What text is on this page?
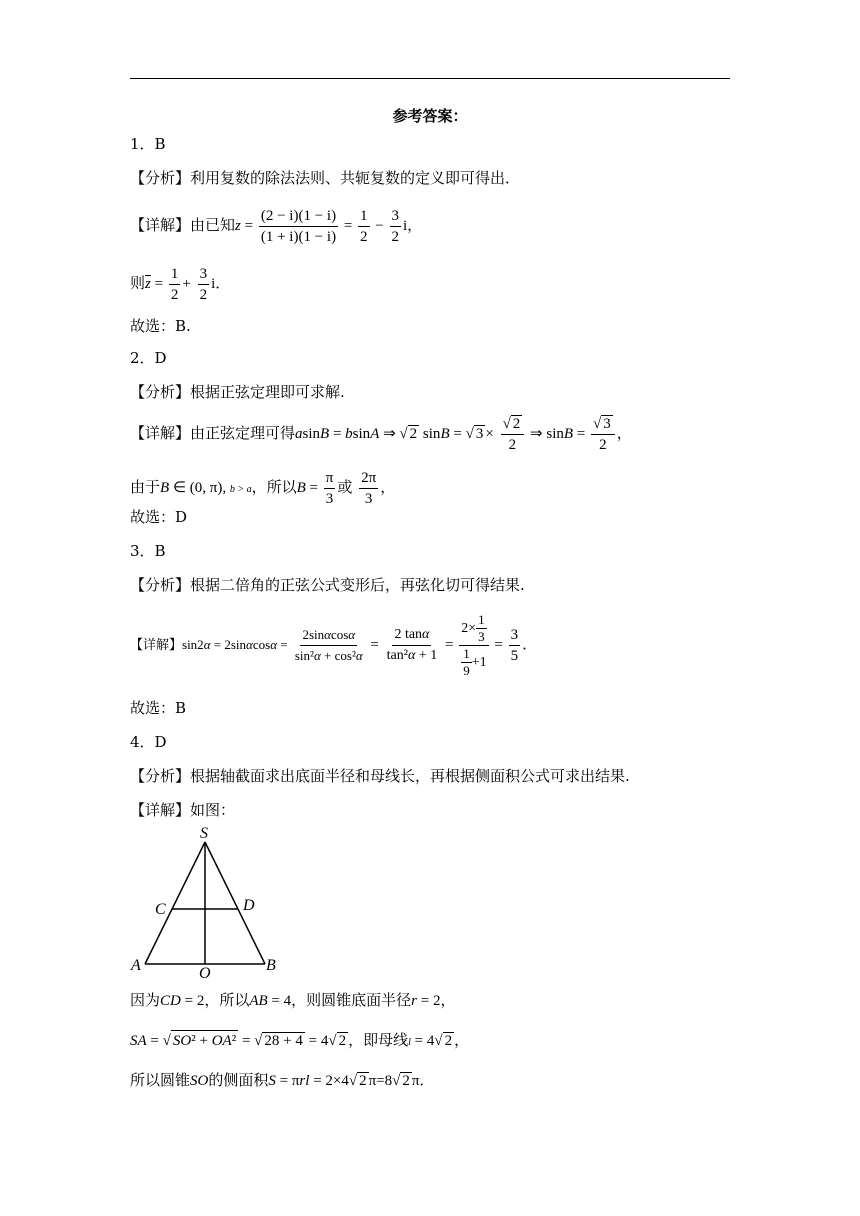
参考答案：
1．B
【分析】利用复数的除法法则、共轭复数的定义即可得出．
【详解】由已知$z = \frac{(2 - i)(1 - i)}{(1 + i)(1 - i)} = \frac{1}{2} - \frac{3}{2}$ i，
则$\overline{z} = \frac{1}{2} + \frac{3}{2}$ i．
故选：B.
2．D
【分析】根据正弦定理即可求解.
【详解】由正弦定理可得asinB = bsinA ⇒ √ 2 sinB = √ $3 \times \frac{√ 2}{2}$ ⇒ $\sin B = \frac{√ 3}{2}$ ，
由于B ∈ (0, π), b > a，所以$B = \frac{\pi}{3}$ 或 $\frac{2\pi}{3}$ ，
故选：D
3．B
【分析】根据二倍角的正弦公式变形后，再弦化切可得结果.
【详解】$\sin 2\alpha = 2\sin\alpha\cos\alpha = \frac{2\sin\alpha\cos\alpha}{\text{sin²α + cos²α}} = \frac{2 \tan\alpha}{\text{tan²α + 1}} = \frac{2\times \frac{1}{3}}{\frac{1}{9} +1} = \frac{3}{5}$ ．
故选：B
4．D
【分析】根据轴截面求出底面半径和母线长，再根据侧面积公式可求出结果.
【详解】如图：
S
C	D
A	O	B
因为CD = 2，所以AB = 4，则圆锥底面半径r = 2，
SA = √ SO² + OA² = √ 28 + 4 = 4√ 2 ，即母线l = 4√ 2 ，
所以圆锥SO的侧面积S = πrl = 2×4√ 2 π=8√ 2 π．
